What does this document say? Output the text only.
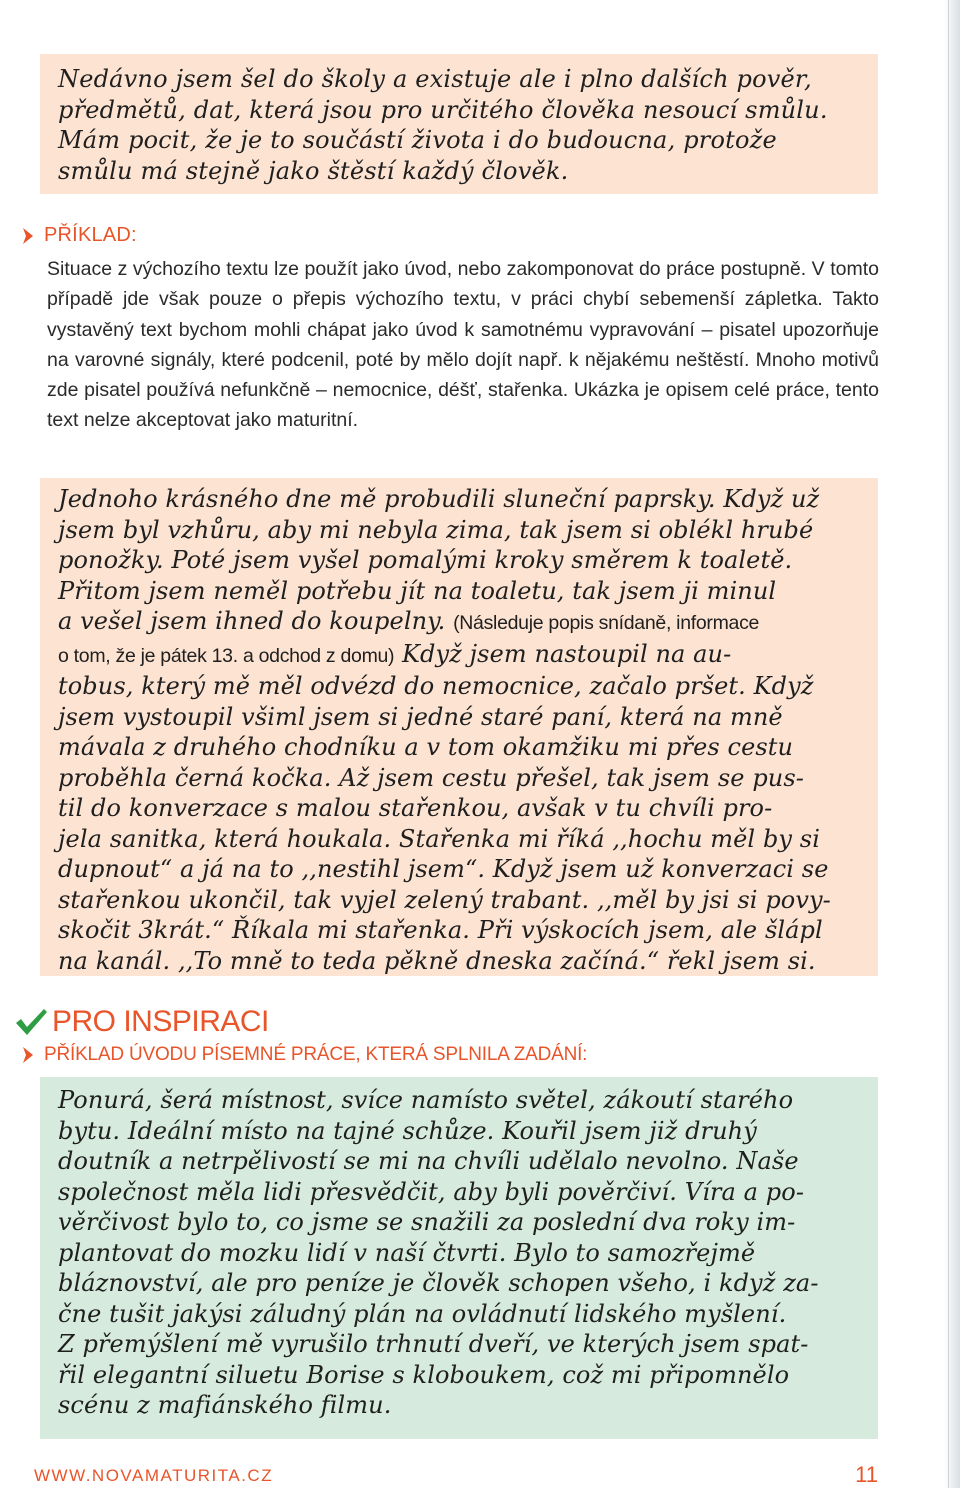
Nedávno jsem šel do školy a existuje ale i plno dalších pověr,
předmětů, dat, která jsou pro určitého člověka nesoucí smůlu.
Mám pocit, že je to součástí života i do budoucna, protože
smůlu má stejně jako štěstí každý člověk.

PŘÍKLAD:

Situace z výchozího textu lze použít jako úvod, nebo zakomponovat do práce postupně. V tomto případě jde však pouze o přepis výchozího textu, v práci chybí sebemenší zápletka. Takto vystavěný text bychom mohli chápat jako úvod k samotnému vypravování – pisatel upozorňuje na varovné signály, které podcenil, poté by mělo dojít např. k nějakému neštěstí. Mnoho motivů zde pisatel používá nefunkčně – nemocnice, déšť, stařenka. Ukázka je opisem celé práce, tento text nelze akceptovat jako maturitní.

Jednoho krásného dne mě probudili sluneční paprsky. Když už
jsem byl vzhůru, aby mi nebyla zima, tak jsem si oblékl hrubé
ponožky. Poté jsem vyšel pomalými kroky směrem k toaletě.
Přitom jsem neměl potřebu jít na toaletu, tak jsem ji minul
a vešel jsem ihned do koupelny. (Následuje popis snídaně, informace
o tom, že je pátek 13. a odchod z domu) Když jsem nastoupil na au-
tobus, který mě měl odvézd do nemocnice, začalo pršet. Když
jsem vystoupil všiml jsem si jedné staré paní, která na mně
mávala z druhého chodníku a v tom okamžiku mi přes cestu
proběhla černá kočka. Až jsem cestu přešel, tak jsem se pus-
til do konverzace s malou stařenkou, avšak v tu chvíli pro-
jela sanitka, která houkala. Stařenka mi říká ,,hochu měl by si
dupnout“ a já na to ,,nestihl jsem“. Když jsem už konverzaci se
stařenkou ukončil, tak vyjel zelený trabant. ,,měl by jsi si povy-
skočit 3krát.“ Říkala mi stařenka. Při výskocích jsem, ale šlápl
na kanál. ,,To mně to teda pěkně dneska začíná.“ řekl jsem si.

PRO INSPIRACI
PŘÍKLAD ÚVODU PÍSEMNÉ PRÁCE, KTERÁ SPLNILA ZADÁNÍ:

Ponurá, šerá místnost, svíce namísto světel, zákoutí starého
bytu. Ideální místo na tajné schůze. Kouřil jsem již druhý
doutník a netrpělivostí se mi na chvíli udělalo nevolno. Naše
společnost měla lidi přesvědčit, aby byli pověrčiví. Víra a po-
věrčivost bylo to, co jsme se snažili za poslední dva roky im-
plantovat do mozku lidí v naší čtvrti. Bylo to samozřejmě
bláznovství, ale pro peníze je člověk schopen všeho, i když za-
čne tušit jakýsi záludný plán na ovládnutí lidského myšlení.
Z přemýšlení mě vyrušilo trhnutí dveří, ve kterých jsem spat-
řil elegantní siluetu Borise s kloboukem, což mi připomnělo
scénu z mafiánského filmu.

WWW.NOVAMATURITA.CZ	11
